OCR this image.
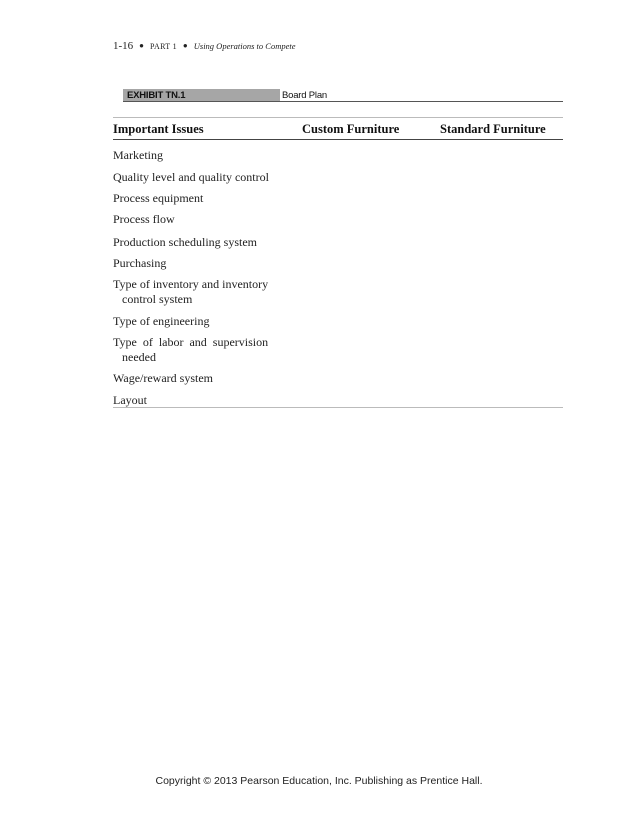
1-16 ● PART 1 ● Using Operations to Compete
EXHIBIT TN.1	Board Plan
Important Issues	Custom Furniture	Standard Furniture
Marketing
Quality level and quality control
Process equipment
Process flow
Production scheduling system
Purchasing
Type of inventory and inventory
control system
Type of engineering
Type of labor and supervision
needed
Wage/reward system
Layout
Copyright © 2013 Pearson Education, Inc. Publishing as Prentice Hall.
